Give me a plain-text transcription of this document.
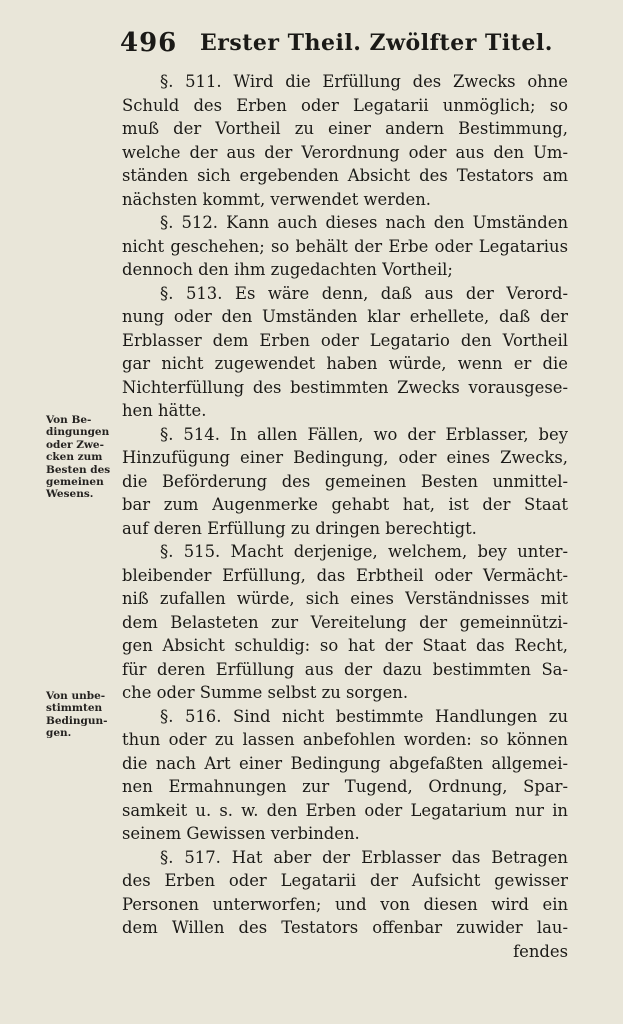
496 Erster Theil. Zwölfter Titel.
Von Be-
dingungen
oder Zwe-
cken zum
Besten des
gemeinen
Wesens.
Von unbe-
stimmten
Bedingun-
gen.
§. 511. Wird die Erfüllung des Zwecks ohne
Schuld des Erben oder Legatarii unmöglich; so
muß der Vortheil zu einer andern Bestimmung,
welche der aus der Verordnung oder aus den Um-
ständen sich ergebenden Absicht des Testators am
nächsten kommt, verwendet werden.
§. 512. Kann auch dieses nach den Umständen
nicht geschehen; so behält der Erbe oder Legatarius
dennoch den ihm zugedachten Vortheil;
§. 513. Es wäre denn, daß aus der Verord-
nung oder den Umständen klar erhellete, daß der
Erblasser dem Erben oder Legatario den Vortheil
gar nicht zugewendet haben würde, wenn er die
Nichterfüllung des bestimmten Zwecks vorausgese-
hen hätte.
§. 514. In allen Fällen, wo der Erblasser, bey
Hinzufügung einer Bedingung, oder eines Zwecks,
die Beförderung des gemeinen Besten unmittel-
bar zum Augenmerke gehabt hat, ist der Staat
auf deren Erfüllung zu dringen berechtigt.
§. 515. Macht derjenige, welchem, bey unter-
bleibender Erfüllung, das Erbtheil oder Vermächt-
niß zufallen würde, sich eines Verständnisses mit
dem Belasteten zur Vereitelung der gemeinnützi-
gen Absicht schuldig: so hat der Staat das Recht,
für deren Erfüllung aus der dazu bestimmten Sa-
che oder Summe selbst zu sorgen.
§. 516. Sind nicht bestimmte Handlungen zu
thun oder zu lassen anbefohlen worden: so können
die nach Art einer Bedingung abgefaßten allgemei-
nen Ermahnungen zur Tugend, Ordnung, Spar-
samkeit u. s. w. den Erben oder Legatarium nur in
seinem Gewissen verbinden.
§. 517. Hat aber der Erblasser das Betragen
des Erben oder Legatarii der Aufsicht gewisser
Personen unterworfen; und von diesen wird ein
dem Willen des Testators offenbar zuwider lau-
fendes
